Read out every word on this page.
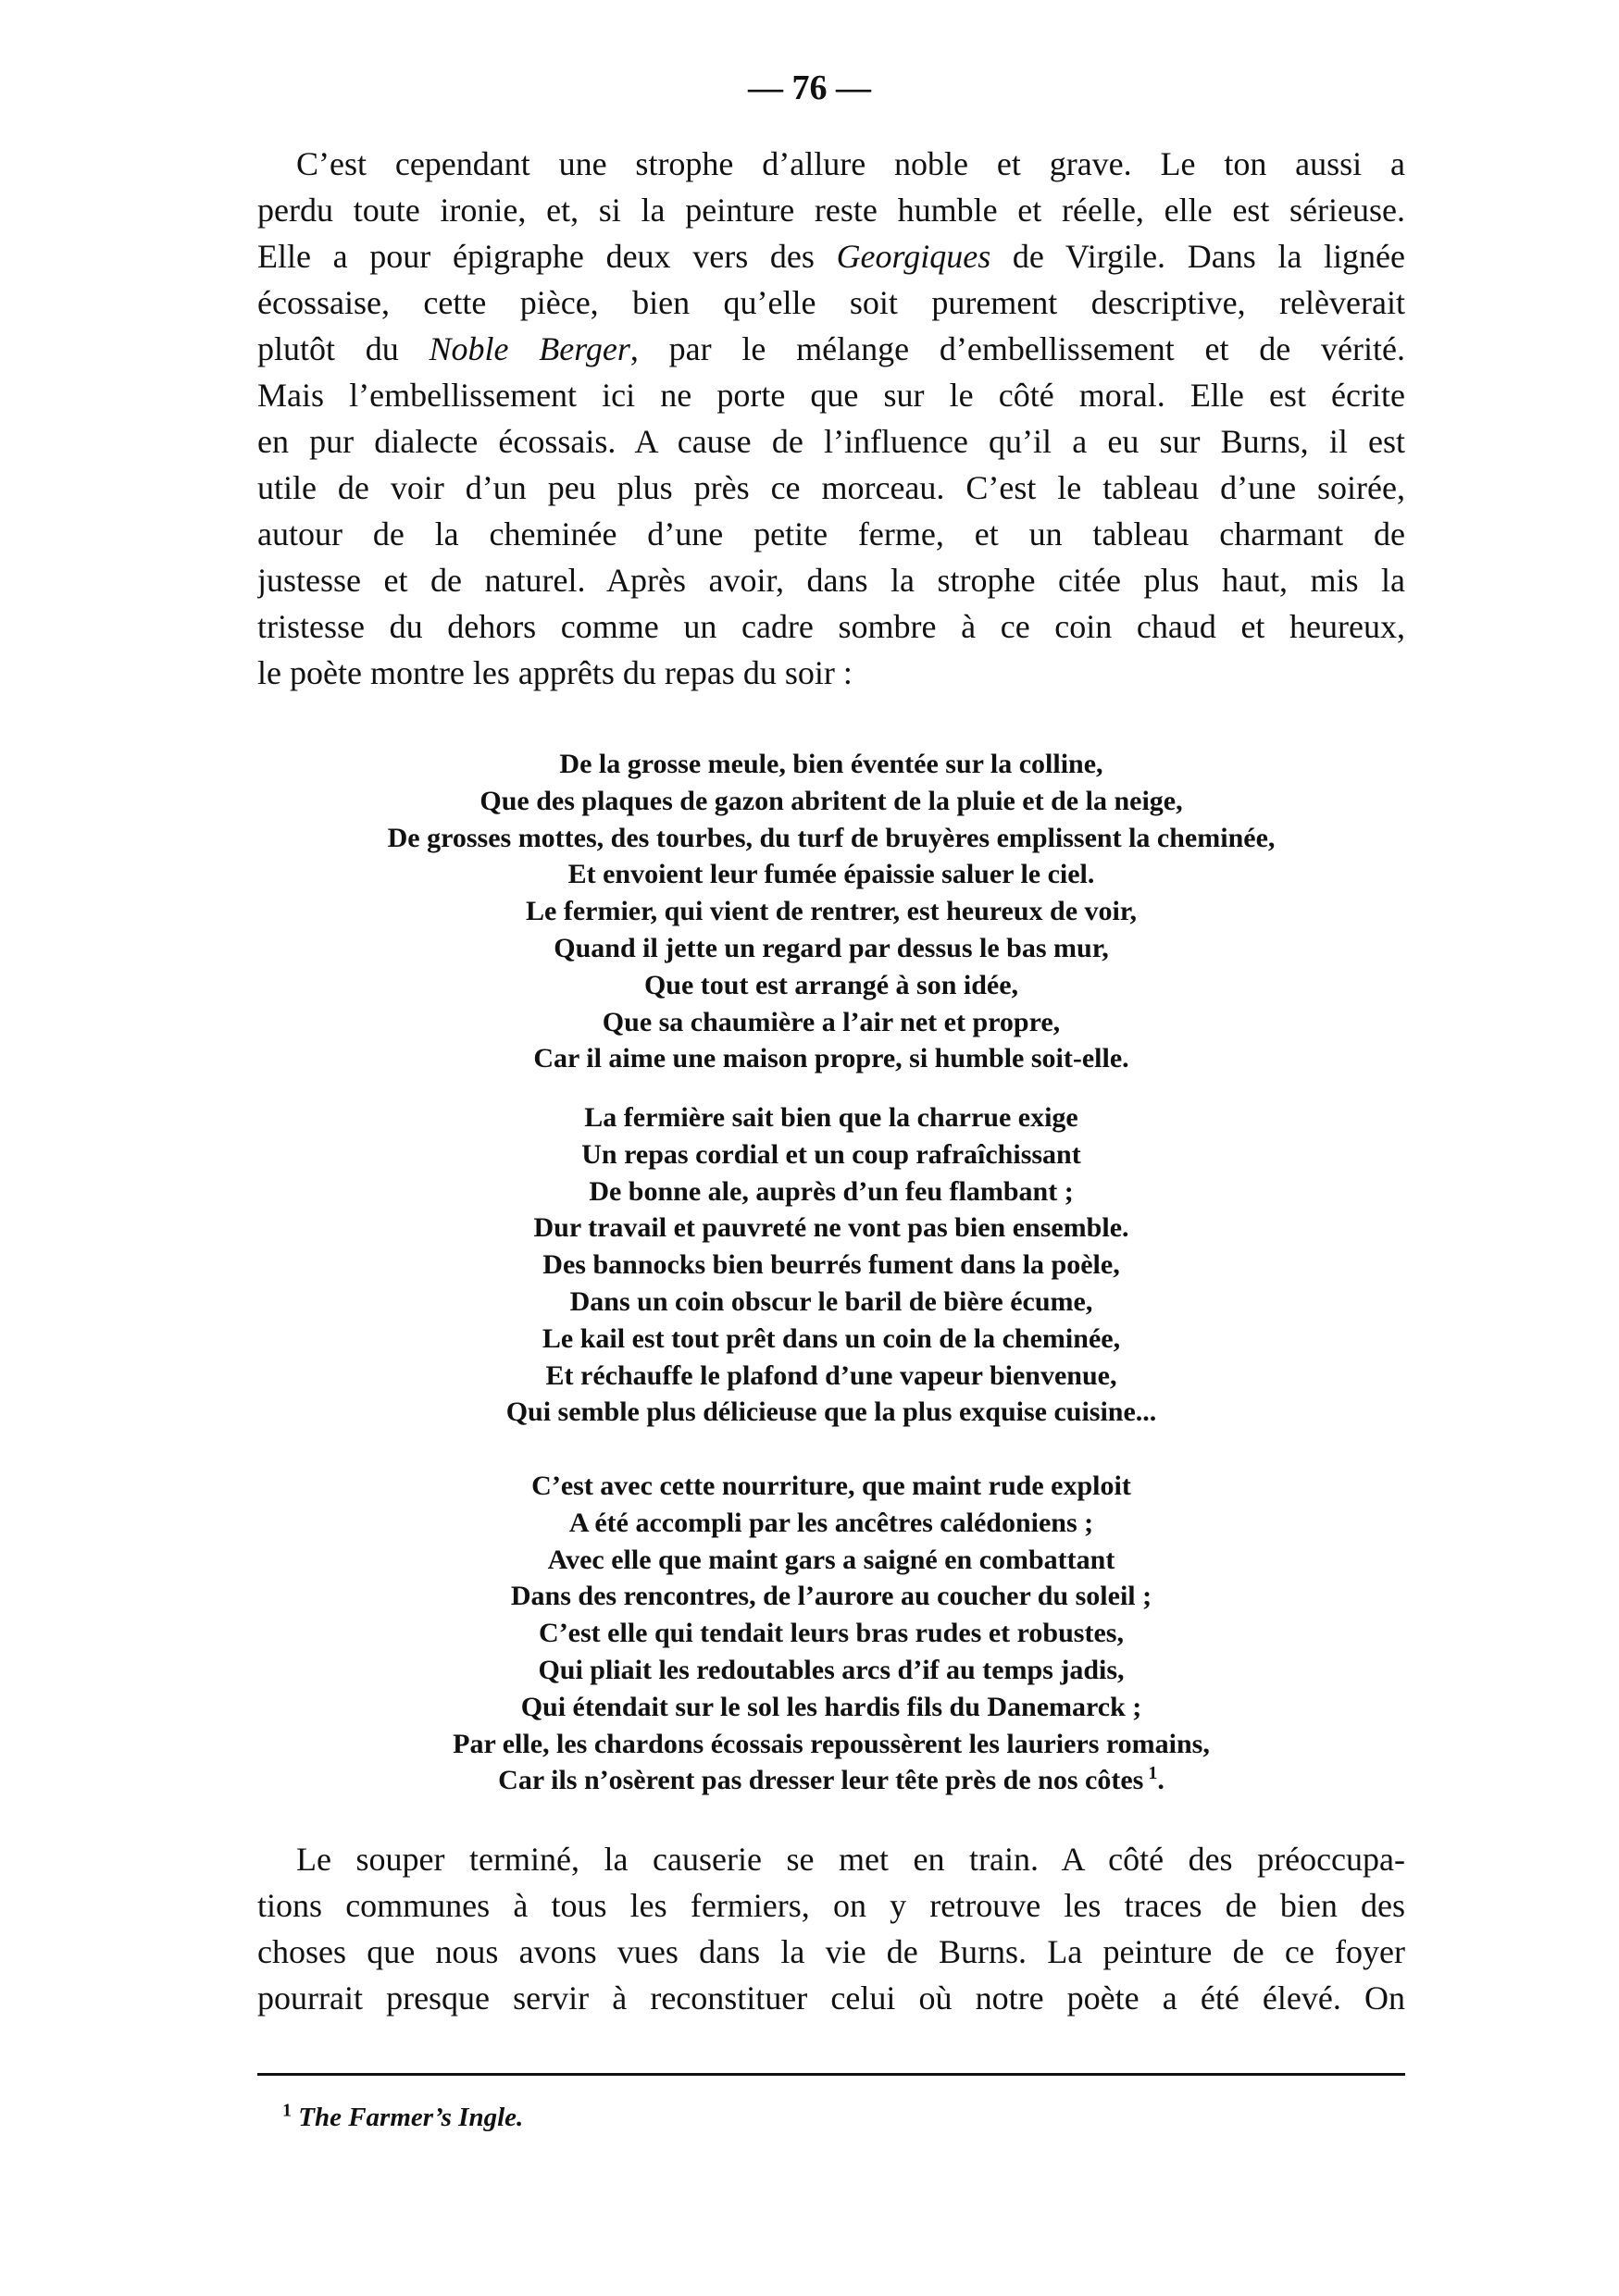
— 76 —
C’est cependant une strophe d’allure noble et grave. Le ton aussi a
perdu toute ironie, et, si la peinture reste humble et réelle, elle est sérieuse.
Elle a pour épigraphe deux vers des Georgiques de Virgile. Dans la lignée
écossaise, cette pièce, bien qu’elle soit purement descriptive, relèverait
plutôt du Noble Berger, par le mélange d’embellissement et de vérité.
Mais l’embellissement ici ne porte que sur le côté moral. Elle est écrite
en pur dialecte écossais. A cause de l’influence qu’il a eu sur Burns, il est
utile de voir d’un peu plus près ce morceau. C’est le tableau d’une soirée,
autour de la cheminée d’une petite ferme, et un tableau charmant de
justesse et de naturel. Après avoir, dans la strophe citée plus haut, mis la
tristesse du dehors comme un cadre sombre à ce coin chaud et heureux,
le poète montre les apprêts du repas du soir :
De la grosse meule, bien éventée sur la colline,
Que des plaques de gazon abritent de la pluie et de la neige,
De grosses mottes, des tourbes, du turf de bruyères emplissent la cheminée,
Et envoient leur fumée épaissie saluer le ciel.
Le fermier, qui vient de rentrer, est heureux de voir,
Quand il jette un regard par dessus le bas mur,
Que tout est arrangé à son idée,
Que sa chaumière a l’air net et propre,
Car il aime une maison propre, si humble soit-elle.
La fermière sait bien que la charrue exige
Un repas cordial et un coup rafraîchissant
De bonne ale, auprès d’un feu flambant ;
Dur travail et pauvreté ne vont pas bien ensemble.
Des bannocks bien beurrés fument dans la poèle,
Dans un coin obscur le baril de bière écume,
Le kail est tout prêt dans un coin de la cheminée,
Et réchauffe le plafond d’une vapeur bienvenue,
Qui semble plus délicieuse que la plus exquise cuisine...
C’est avec cette nourriture, que maint rude exploit
A été accompli par les ancêtres calédoniens ;
Avec elle que maint gars a saigné en combattant
Dans des rencontres, de l’aurore au coucher du soleil ;
C’est elle qui tendait leurs bras rudes et robustes,
Qui pliait les redoutables arcs d’if au temps jadis,
Qui étendait sur le sol les hardis fils du Danemarck ;
Par elle, les chardons écossais repoussèrent les lauriers romains,
Car ils n’osèrent pas dresser leur tête près de nos côtes $^1$.
Le souper terminé, la causerie se met en train. A côté des préoccupa-
tions communes à tous les fermiers, on y retrouve les traces de bien des
choses que nous avons vues dans la vie de Burns. La peinture de ce foyer
pourrait presque servir à reconstituer celui où notre poète a été élevé. On
$^1$ The Farmer’s Ingle.
